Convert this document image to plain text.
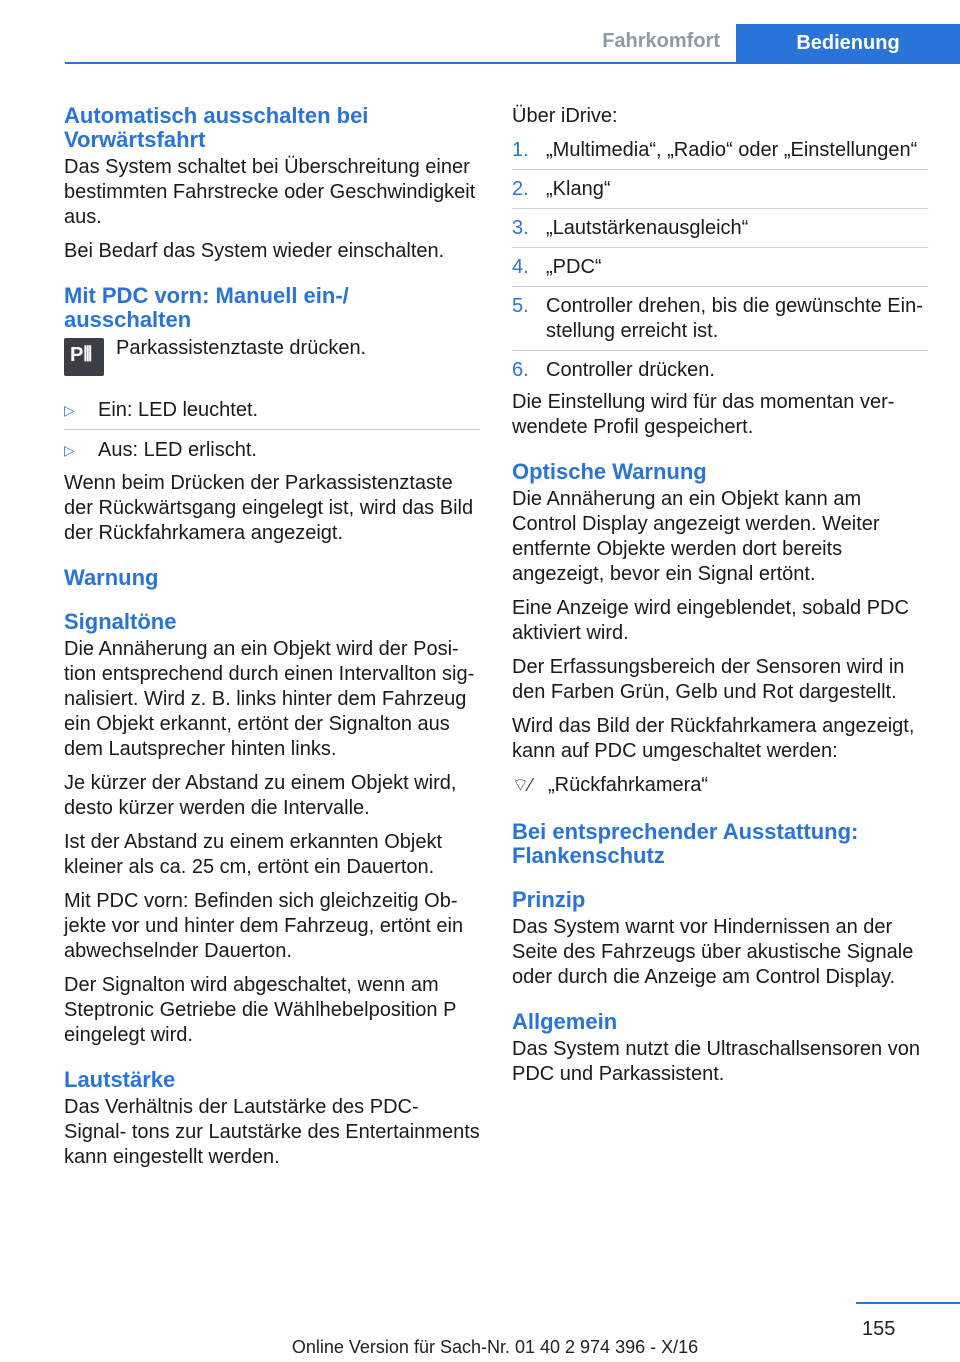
Fahrkomfort	Bedienung
Automatisch ausschalten bei Vorwärtsfahrt

Das System schaltet bei Überschreitung einer bestimmten Fahrstrecke oder Geschwindigkeit aus.

Bei Bedarf das System wieder einschalten.

Mit PDC vorn: Manuell ein-/ ausschalten
P⦀ Parkassistenztaste drücken.
▷ Ein: LED leuchtet.
▷ Aus: LED erlischt.

Wenn beim Drücken der Parkassistenztaste der Rückwärtsgang eingelegt ist, wird das Bild der Rückfahrkamera angezeigt.

Warnung
Signaltöne

Die Annäherung an ein Objekt wird der Posi‐ tion entsprechend durch einen Intervallton sig‐ nalisiert. Wird z. B. links hinter dem Fahrzeug ein Objekt erkannt, ertönt der Signalton aus dem Lautsprecher hinten links.

Je kürzer der Abstand zu einem Objekt wird, desto kürzer werden die Intervalle.

Ist der Abstand zu einem erkannten Objekt kleiner als ca. 25 cm, ertönt ein Dauerton.

Mit PDC vorn: Befinden sich gleichzeitig Ob‐ jekte vor und hinter dem Fahrzeug, ertönt ein abwechselnder Dauerton.

Der Signalton wird abgeschaltet, wenn am Steptronic Getriebe die Wählhebelposition P eingelegt wird.

Lautstärke

Das Verhältnis der Lautstärke des PDC-Signal‐ tons zur Lautstärke des Entertainments kann eingestellt werden.

Über iDrive:

1. „Multimedia“, „Radio“ oder „Einstellungen“
2. „Klang“
3. „Lautstärkenausgleich“
4. „PDC“
5. Controller drehen, bis die gewünschte Ein‐ stellung erreicht ist.
6. Controller drücken.

Die Einstellung wird für das momentan ver‐ wendete Profil gespeichert.

Optische Warnung

Die Annäherung an ein Objekt kann am Control Display angezeigt werden. Weiter entfernte Objekte werden dort bereits angezeigt, bevor ein Signal ertönt.

Eine Anzeige wird eingeblendet, sobald PDC aktiviert wird.

Der Erfassungsbereich der Sensoren wird in den Farben Grün, Gelb und Rot dargestellt.

Wird das Bild der Rückfahrkamera angezeigt, kann auf PDC umgeschaltet werden:

⌔⁄ „Rückfahrkamera“
Bei entsprechender Ausstattung: Flankenschutz
Prinzip

Das System warnt vor Hindernissen an der Seite des Fahrzeugs über akustische Signale oder durch die Anzeige am Control Display.

Allgemein

Das System nutzt die Ultraschallsensoren von PDC und Parkassistent.

155
Online Version für Sach-Nr. 01 40 2 974 396 - X/16
